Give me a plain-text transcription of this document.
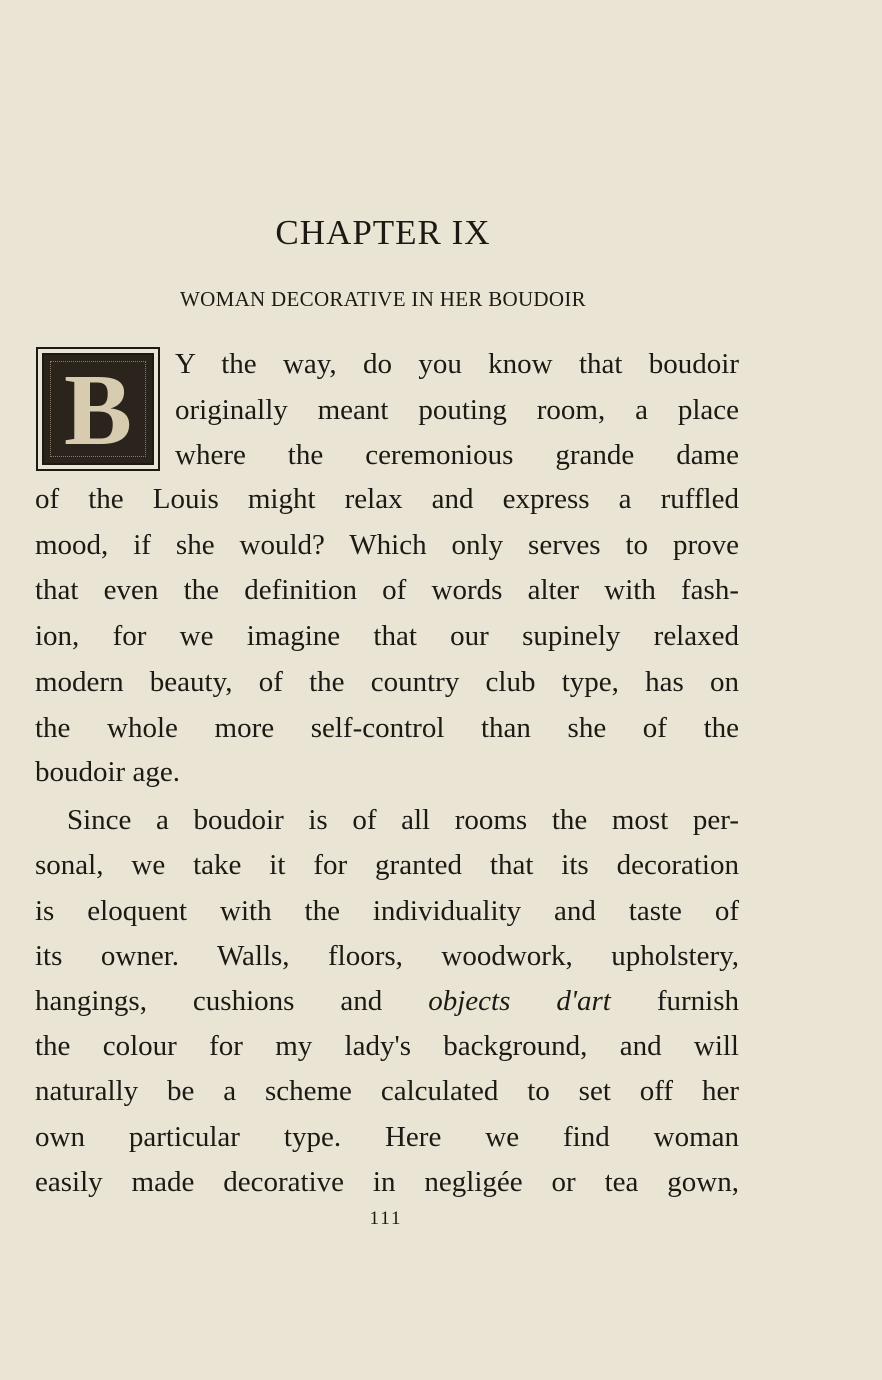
CHAPTER IX
WOMAN DECORATIVE IN HER BOUDOIR
B	Y the way, do you know that boudoir
originally meant pouting room, a place
where the ceremonious grande dame
of the Louis might relax and express a ruffled
mood, if she would? Which only serves to prove
that even the definition of words alter with fash-
ion, for we imagine that our supinely relaxed
modern beauty, of the country club type, has on
the whole more self-control than she of the
boudoir age.
Since a boudoir is of all rooms the most per-
sonal, we take it for granted that its decoration
is eloquent with the individuality and taste of
its owner. Walls, floors, woodwork, upholstery,
hangings, cushions and objects d'art furnish
the colour for my lady's background, and will
naturally be a scheme calculated to set off her
own particular type. Here we find woman
easily made decorative in negligée or tea gown,
111
